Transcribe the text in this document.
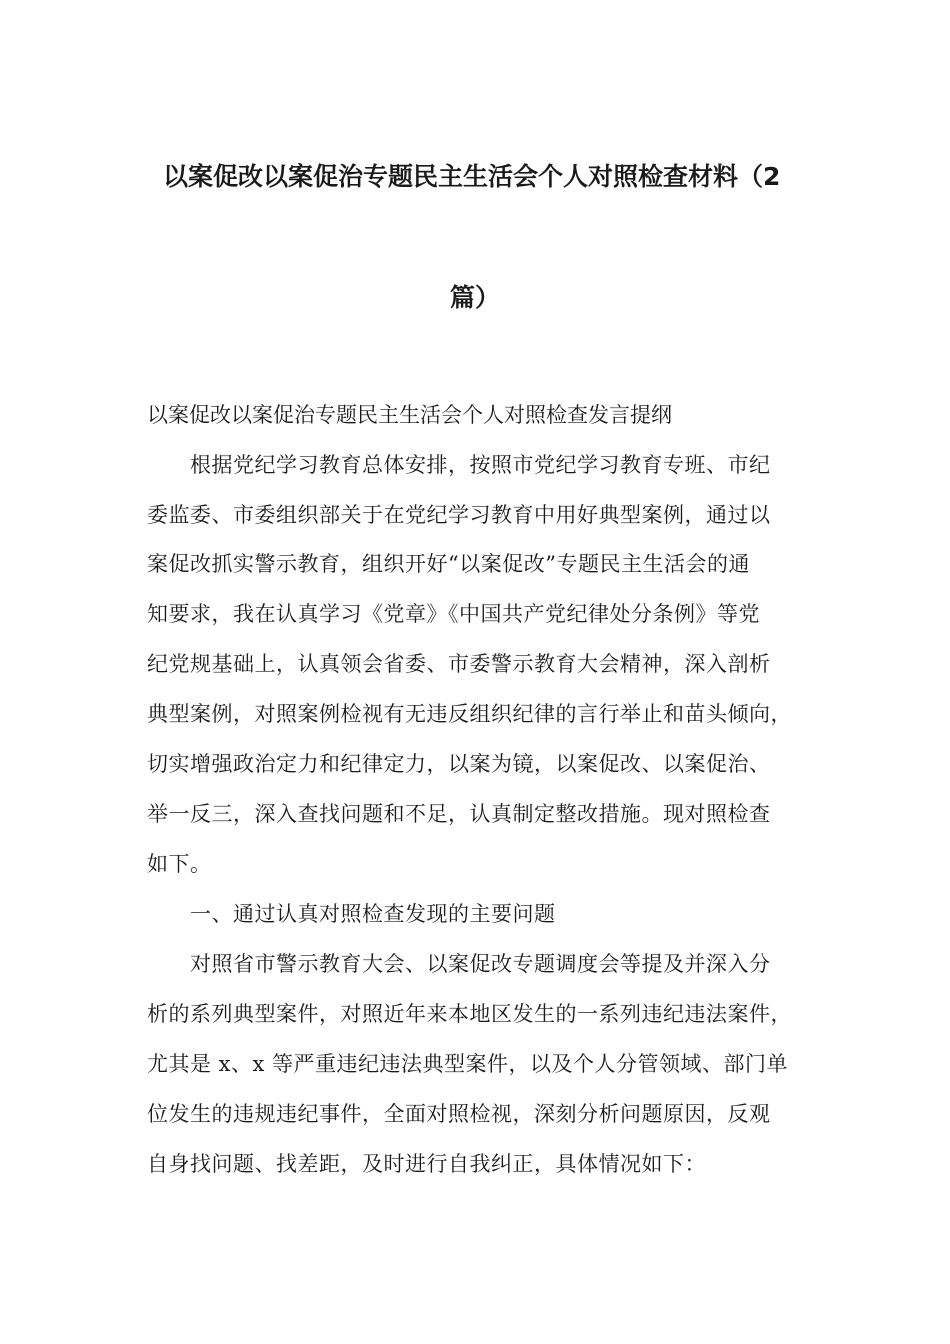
以案促改以案促治专题民主生活会个人对照检查材料（2
篇）
以案促改以案促治专题民主生活会个人对照检查发言提纲
根据党纪学习教育总体安排，按照市党纪学习教育专班、市纪
委监委、市委组织部关于在党纪学习教育中用好典型案例，通过以
案促改抓实警示教育，组织开好“以案促改”专题民主生活会的通
知要求，我在认真学习《党章》《中国共产党纪律处分条例》等党
纪党规基础上，认真领会省委、市委警示教育大会精神，深入剖析
典型案例，对照案例检视有无违反组织纪律的言行举止和苗头倾向，
切实增强政治定力和纪律定力，以案为镜，以案促改、以案促治、
举一反三，深入查找问题和不足，认真制定整改措施。现对照检查
如下。
一、通过认真对照检查发现的主要问题
对照省市警示教育大会、以案促改专题调度会等提及并深入分
析的系列典型案件，对照近年来本地区发生的一系列违纪违法案件，
尤其是 x、x 等严重违纪违法典型案件，以及个人分管领域、部门单
位发生的违规违纪事件，全面对照检视，深刻分析问题原因，反观
自身找问题、找差距，及时进行自我纠正，具体情况如下：
